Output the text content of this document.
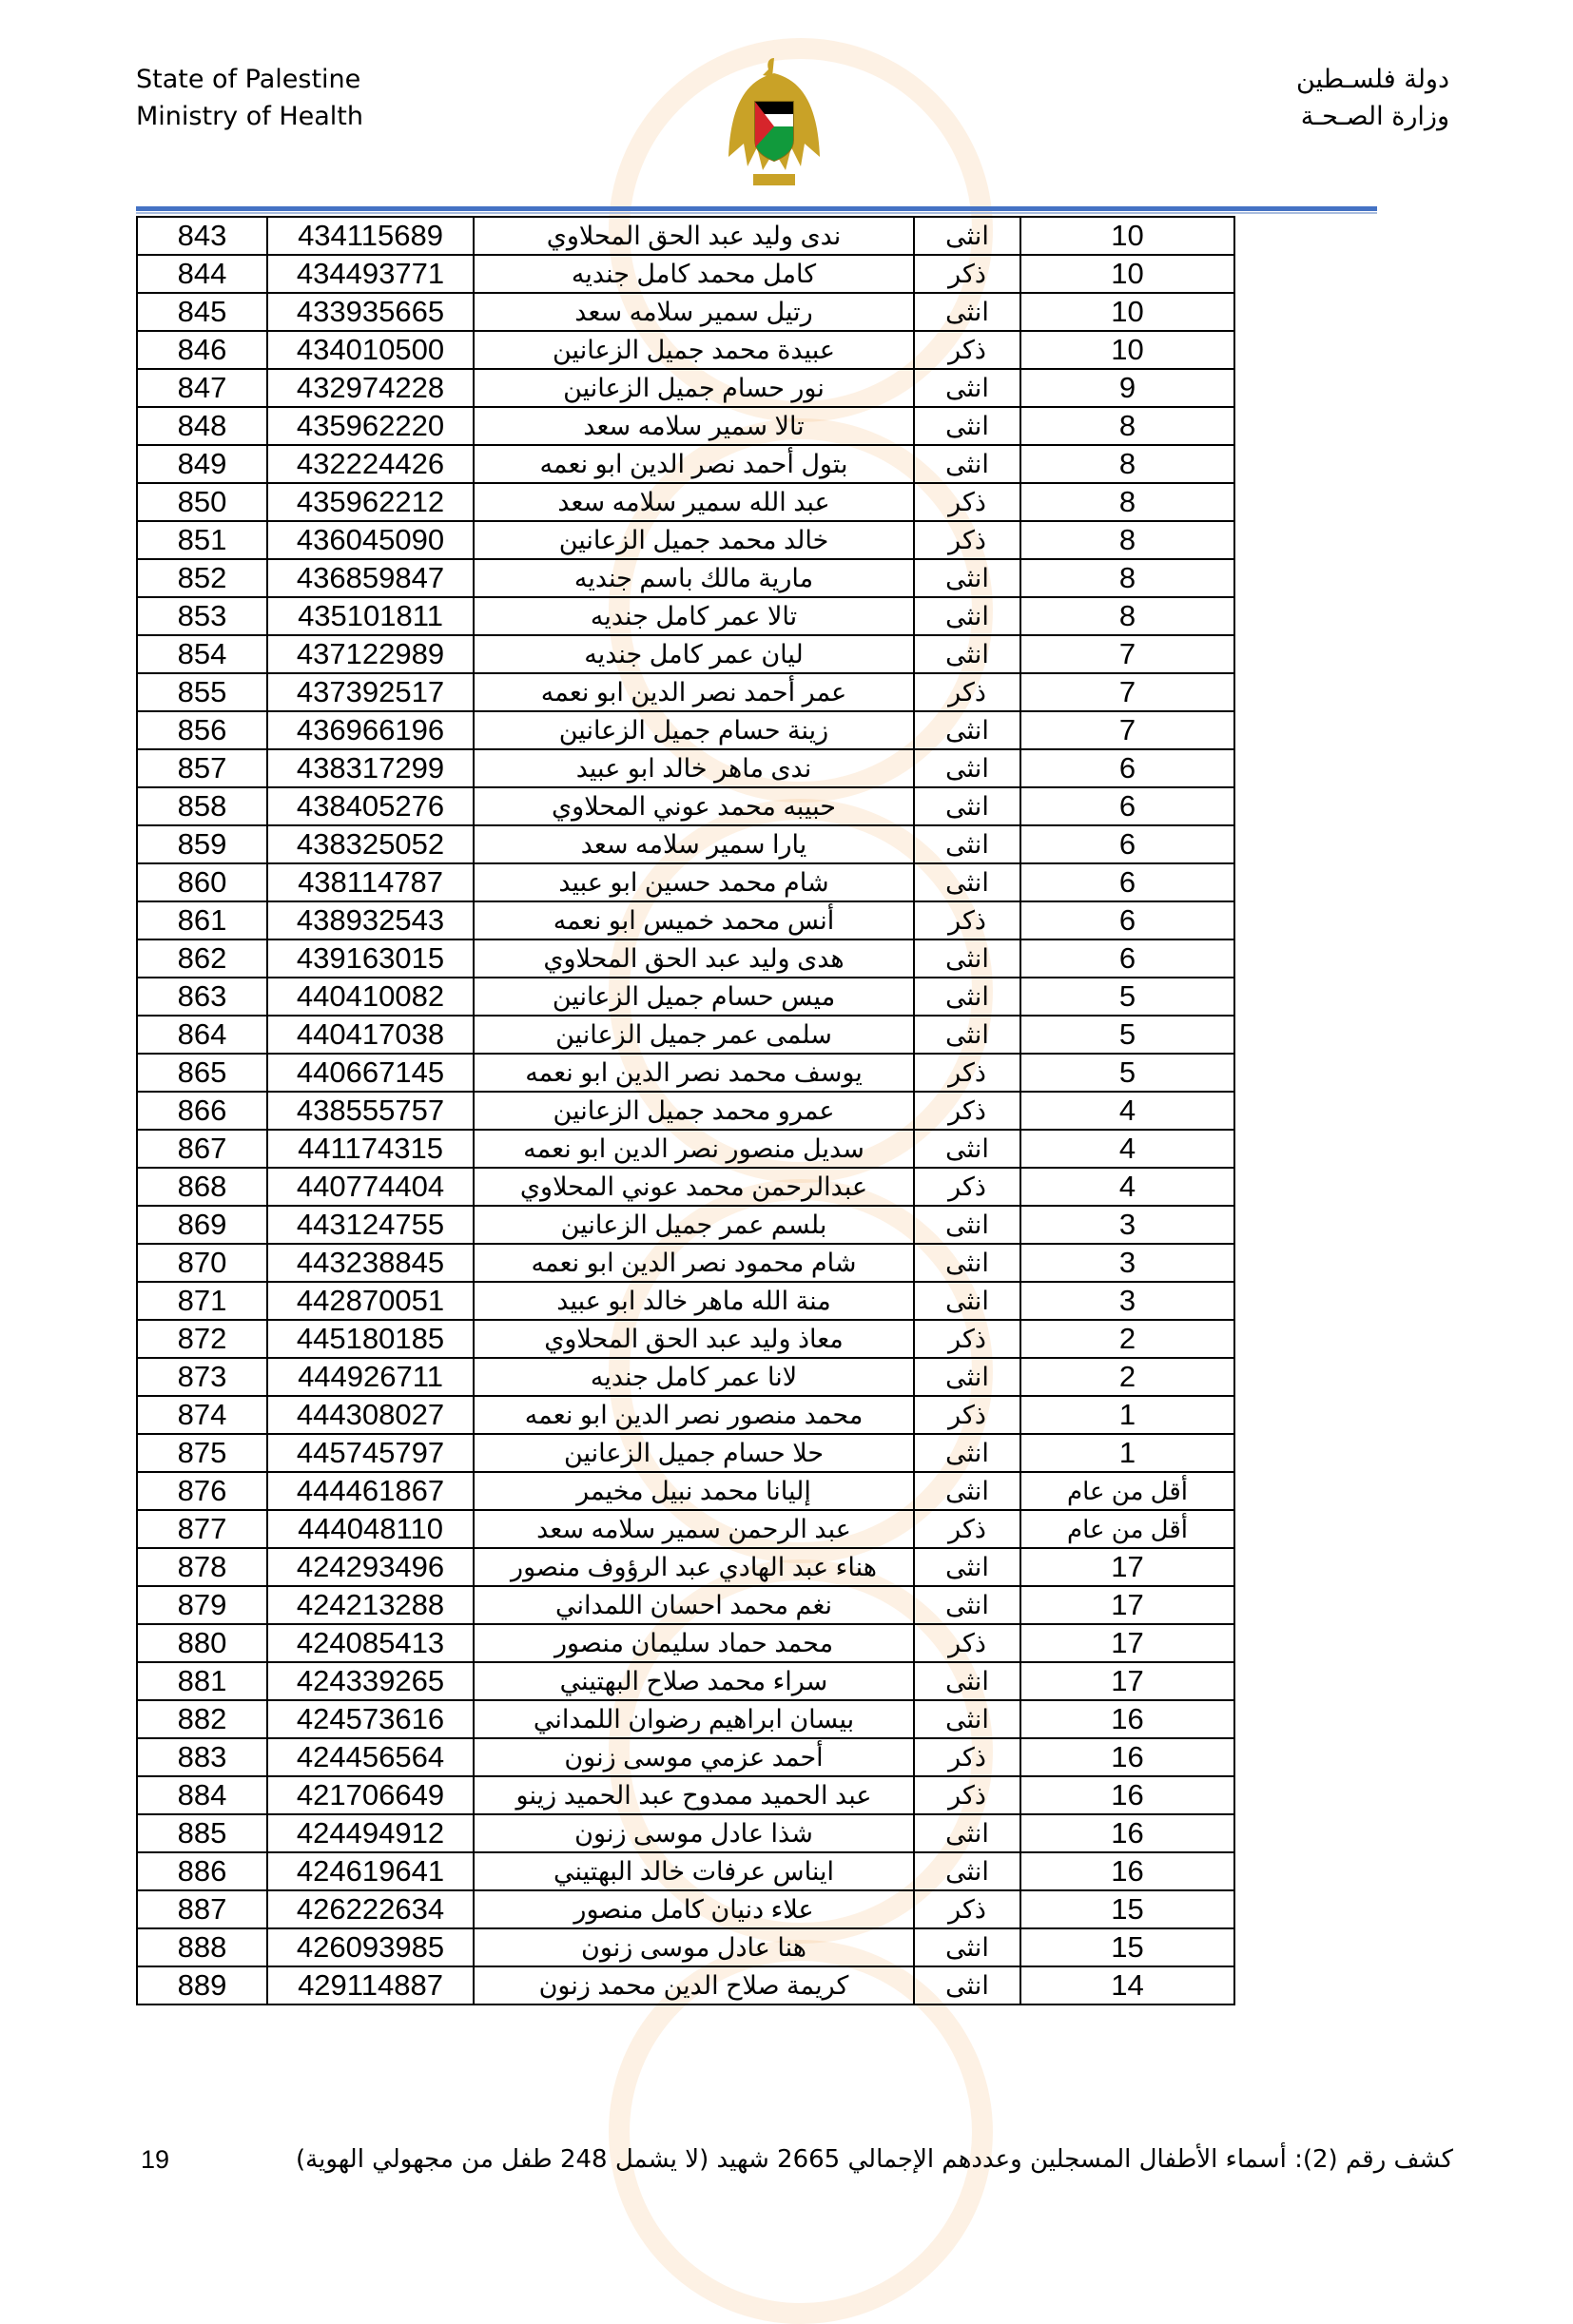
State of Palestine
Ministry of Health
دولة فلسـطين
وزارة الصـحـة
843	434115689	ندى وليد عبد الحق المحلاوي	انثى	10
844	434493771	كامل محمد كامل جنديه	ذكر	10
845	433935665	رتيل سمير سلامه سعد	انثى	10
846	434010500	عبيدة محمد جميل الزعانين	ذكر	10
847	432974228	نور حسام جميل الزعانين	انثى	9
848	435962220	تالا سمير سلامه سعد	انثى	8
849	432224426	بتول أحمد نصر الدين ابو نعمه	انثى	8
850	435962212	عبد الله سمير سلامه سعد	ذكر	8
851	436045090	خالد محمد جميل الزعانين	ذكر	8
852	436859847	مارية مالك باسم جنديه	انثى	8
853	435101811	تالا عمر كامل جنديه	انثى	8
854	437122989	ليان عمر كامل جنديه	انثى	7
855	437392517	عمر أحمد نصر الدين ابو نعمه	ذكر	7
856	436966196	زينة حسام جميل الزعانين	انثى	7
857	438317299	ندى ماهر خالد ابو عبيد	انثى	6
858	438405276	حبيبه محمد عوني المحلاوي	انثى	6
859	438325052	يارا سمير سلامه سعد	انثى	6
860	438114787	شام محمد حسين ابو عبيد	انثى	6
861	438932543	أنس محمد خميس ابو نعمه	ذكر	6
862	439163015	هدى وليد عبد الحق المحلاوي	انثى	6
863	440410082	ميس حسام جميل الزعانين	انثى	5
864	440417038	سلمى عمر جميل الزعانين	انثى	5
865	440667145	يوسف محمد نصر الدين ابو نعمه	ذكر	5
866	438555757	عمرو محمد جميل الزعانين	ذكر	4
867	441174315	سديل منصور نصر الدين ابو نعمه	انثى	4
868	440774404	عبدالرحمن محمد عوني المحلاوي	ذكر	4
869	443124755	بلسم عمر جميل الزعانين	انثى	3
870	443238845	شام محمود نصر الدين ابو نعمه	انثى	3
871	442870051	منة الله ماهر خالد ابو عبيد	انثى	3
872	445180185	معاذ وليد عبد الحق المحلاوي	ذكر	2
873	444926711	لانا عمر كامل جنديه	انثى	2
874	444308027	محمد منصور نصر الدين ابو نعمه	ذكر	1
875	445745797	حلا حسام جميل الزعانين	انثى	1
876	444461867	إليانا محمد نبيل مخيمر	انثى	أقل من عام
877	444048110	عبد الرحمن سمير سلامه سعد	ذكر	أقل من عام
878	424293496	هناء عبد الهادي عبد الرؤوف منصور	انثى	17
879	424213288	نغم محمد احسان اللمداني	انثى	17
880	424085413	محمد حماد سليمان منصور	ذكر	17
881	424339265	سراء محمد صلاح البهتيني	انثى	17
882	424573616	بيسان ابراهيم رضوان اللمداني	انثى	16
883	424456564	أحمد عزمي موسى زنون	ذكر	16
884	421706649	عبد الحميد ممدوح عبد الحميد زينو	ذكر	16
885	424494912	شذا عادل موسى زنون	انثى	16
886	424619641	ايناس عرفات خالد البهتيني	انثى	16
887	426222634	علاء دنيان كامل منصور	ذكر	15
888	426093985	هنا عادل موسى زنون	انثى	15
889	429114887	كريمة صلاح الدين محمد زنون	انثى	14
19	كشف رقم (2): أسماء الأطفال المسجلين وعددهم الإجمالي 2665 شهيد (لا يشمل 248 طفل من مجهولي الهوية)
